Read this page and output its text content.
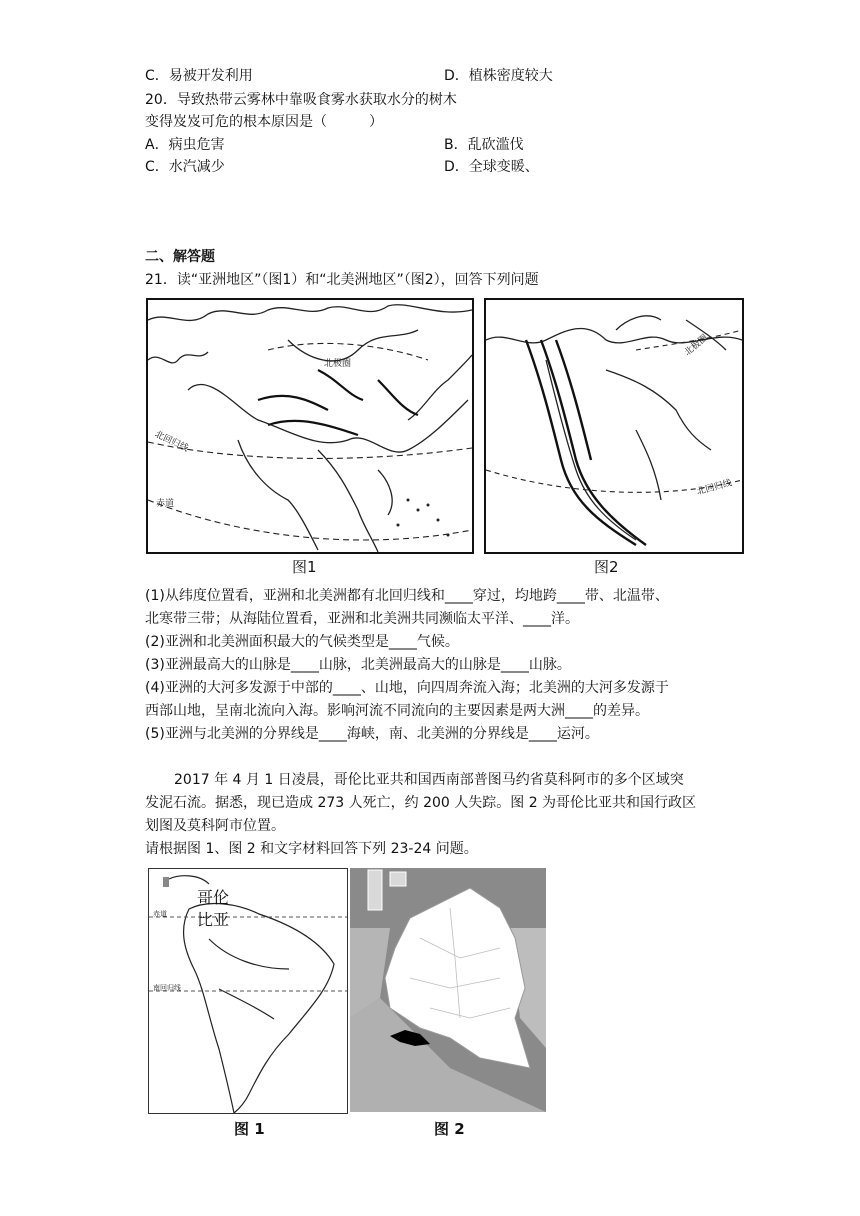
C．易被开发利用	D．植株密度较大
20．导致热带云雾林中靠吸食雾水获取水分的树木
变得岌岌可危的根本原因是（　　　）
A．病虫危害	B．乱砍滥伐
C．水汽减少	D．全球变暖、
二、解答题
21．读“亚洲地区”（图1）和“北美洲地区”（图2），回答下列问题
北极圈
北回归线
赤道
北极圈
北回归线
图1	图2
(1)从纬度位置看，亚洲和北美洲都有北回归线和____穿过，均地跨____带、北温带、
北寒带三带；从海陆位置看，亚洲和北美洲共同濒临太平洋、____洋。
(2)亚洲和北美洲面积最大的气候类型是____气候。
(3)亚洲最高大的山脉是____山脉，北美洲最高大的山脉是____山脉。
(4)亚洲的大河多发源于中部的____、山地，向四周奔流入海；北美洲的大河多发源于
西部山地，呈南北流向入海。影响河流不同流向的主要因素是两大洲____的差异。
(5)亚洲与北美洲的分界线是____海峡，南、北美洲的分界线是____运河。
2017 年 4 月 1 日凌晨，哥伦比亚共和国西南部普图马约省莫科阿市的多个区域突
发泥石流。据悉，现已造成 273 人死亡，约 200 人失踪。图 2 为哥伦比亚共和国行政区
划图及莫科阿市位置。
请根据图 1、图 2 和文字材料回答下列 23-24 问题。
赤道
南回归线
哥伦
比亚
图 1	图 2
